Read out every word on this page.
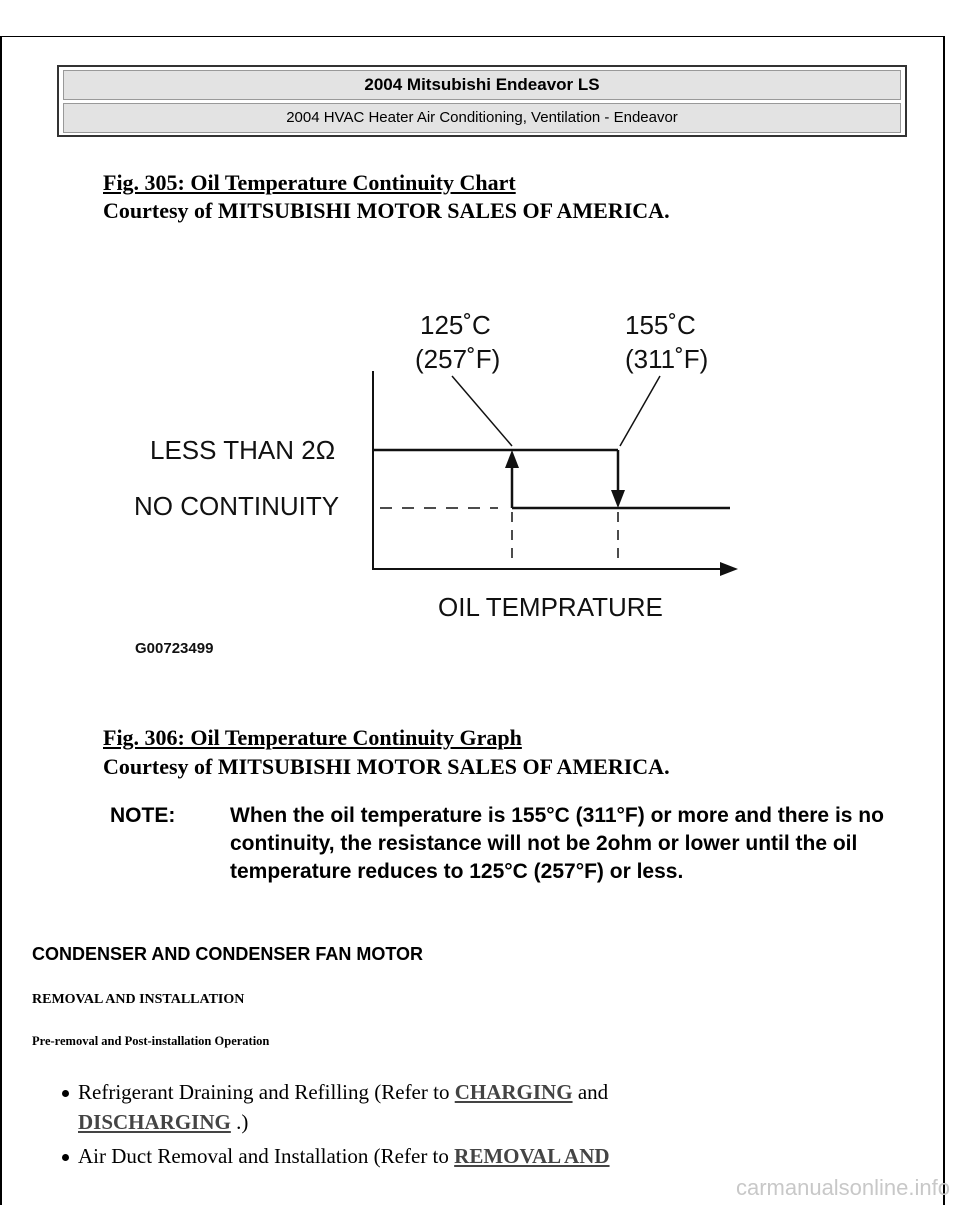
2004 Mitsubishi Endeavor LS
2004 HVAC Heater Air Conditioning, Ventilation - Endeavor
Fig. 305: Oil Temperature Continuity Chart
Courtesy of MITSUBISHI MOTOR SALES OF AMERICA.
125˚C
(257˚F)
155˚C
(311˚F)
LESS THAN 2Ω
NO CONTINUITY
OIL TEMPRATURE
G00723499
Fig. 306: Oil Temperature Continuity Graph
Courtesy of MITSUBISHI MOTOR SALES OF AMERICA.
NOTE:	When the oil temperature is 155°C (311°F) or more and there is no continuity, the resistance will not be 2ohm or lower until the oil temperature reduces to 125°C (257°F) or less.
CONDENSER AND CONDENSER FAN MOTOR
REMOVAL AND INSTALLATION
Pre-removal and Post-installation Operation
Refrigerant Draining and Refilling (Refer to CHARGING and
DISCHARGING .)
Air Duct Removal and Installation (Refer to REMOVAL AND
carmanualsonline.info
